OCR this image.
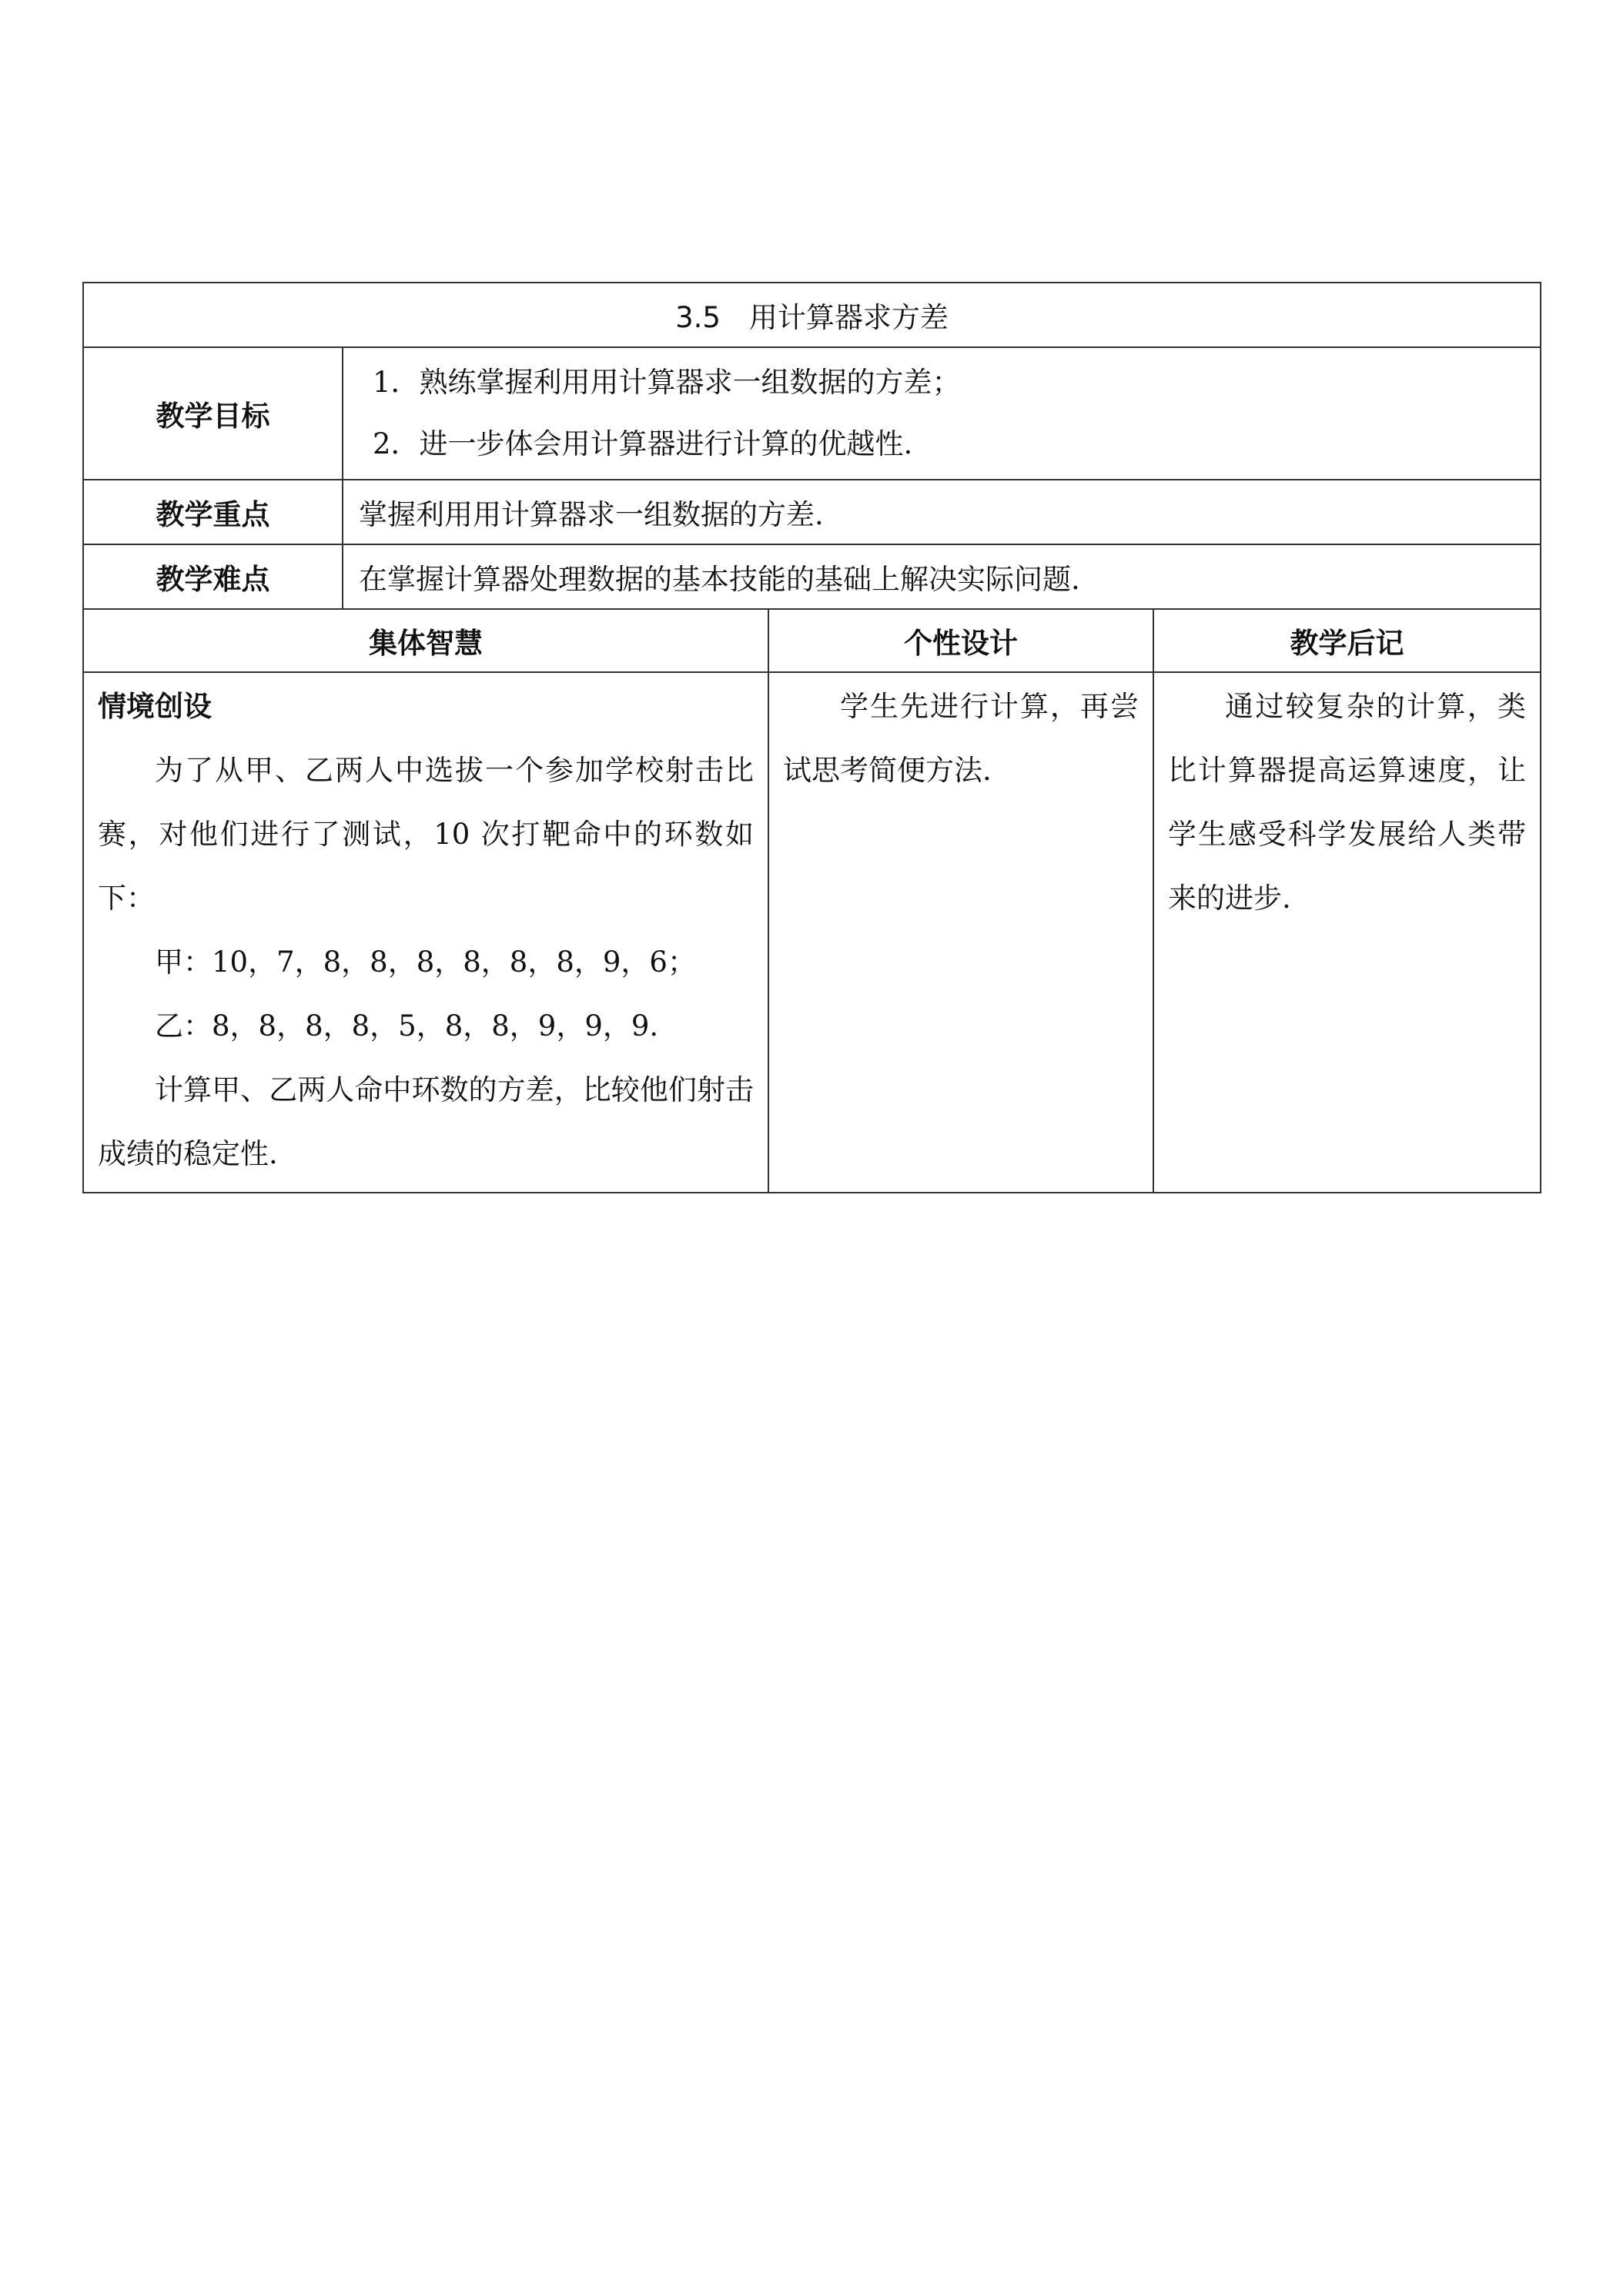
3.5　用计算器求方差			
教学目标	1．熟练掌握利用用计算器求一组数据的方差；
2．进一步体会用计算器进行计算的优越性.		

教学重点	掌握利用用计算器求一组数据的方差.		
教学难点	在掌握计算器处理数据的基本技能的基础上解决实际问题.		
集体智慧		个性设计	教学后记

情境创设

为了从甲、乙两人中选拔一个参加学校射击比赛，对他们进行了测试，10 次打靶命中的环数如下：

甲：10，7，8，8，8，8，8，8，9，6；

乙：8，8，8，8，5，8，8，9，9，9.

计算甲、乙两人命中环数的方差，比较他们射击成绩的稳定性.		学生先进行计算，再尝试思考简便方法.	通过较复杂的计算，类比计算器提高运算速度，让学生感受科学发展给人类带来的进步.
